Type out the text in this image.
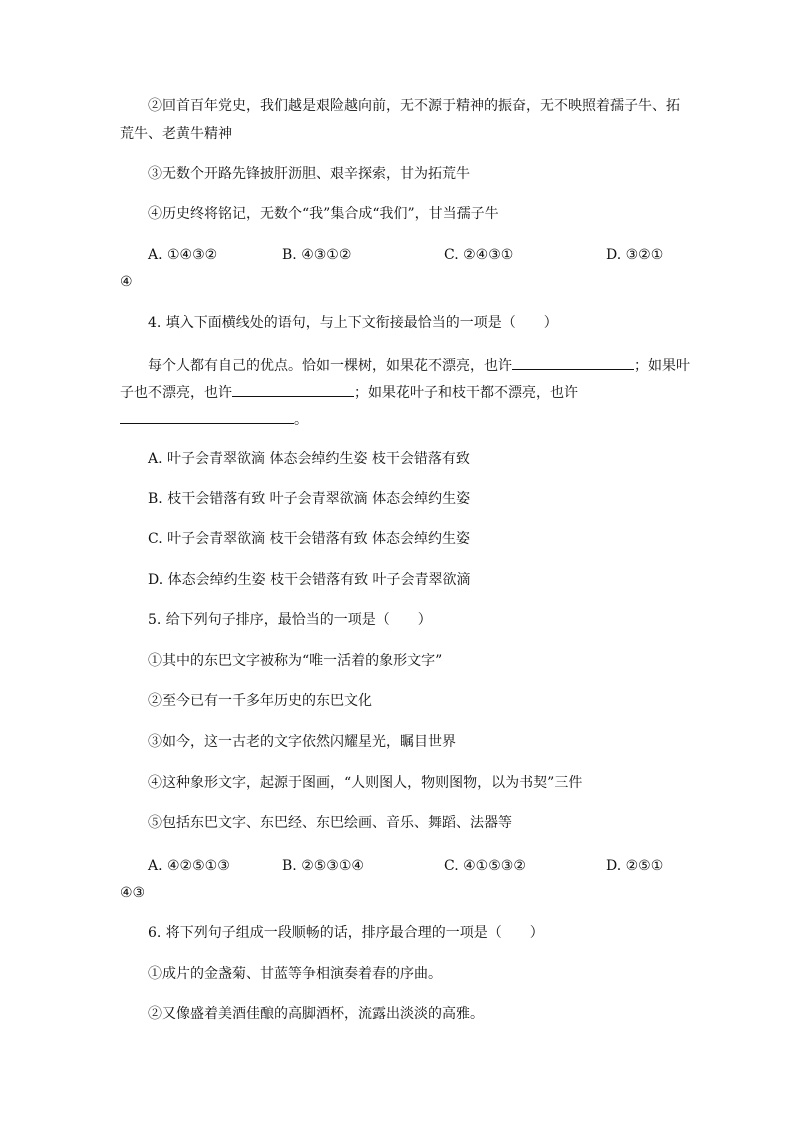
②回首百年党史，我们越是艰险越向前，无不源于精神的振奋，无不映照着孺子牛、拓
荒牛、老黄牛精神
③无数个开路先锋披肝沥胆、艰辛探索，甘为拓荒牛
④历史终将铭记，无数个“我”集合成“我们”，甘当孺子牛
A. ①④③②	B. ④③①②	C. ②④③①	D. ③②①
④
4. 填入下面横线处的语句，与上下文衔接最恰当的一项是（　　）
每个人都有自己的优点。恰如一棵树，如果花不漂亮，也许	；如果叶
子也不漂亮，也许	；如果花叶子和枝干都不漂亮，也许
。
A. 叶子会青翠欲滴 体态会绰约生姿 枝干会错落有致
B. 枝干会错落有致 叶子会青翠欲滴 体态会绰约生姿
C. 叶子会青翠欲滴 枝干会错落有致 体态会绰约生姿
D. 体态会绰约生姿 枝干会错落有致 叶子会青翠欲滴
5. 给下列句子排序，最恰当的一项是（　　）
①其中的东巴文字被称为“唯一活着的象形文字”
②至今已有一千多年历史的东巴文化
③如今，这一古老的文字依然闪耀星光，瞩目世界
④这种象形文字，起源于图画，“人则图人，物则图物，以为书契”三件
⑤包括东巴文字、东巴经、东巴绘画、音乐、舞蹈、法器等
A. ④②⑤①③	B. ②⑤③①④	C. ④①⑤③②	D. ②⑤①
④③
6. 将下列句子组成一段顺畅的话，排序最合理的一项是（　　）
①成片的金盏菊、甘蓝等争相演奏着春的序曲。
②又像盛着美酒佳酿的高脚酒杯，流露出淡淡的高雅。
